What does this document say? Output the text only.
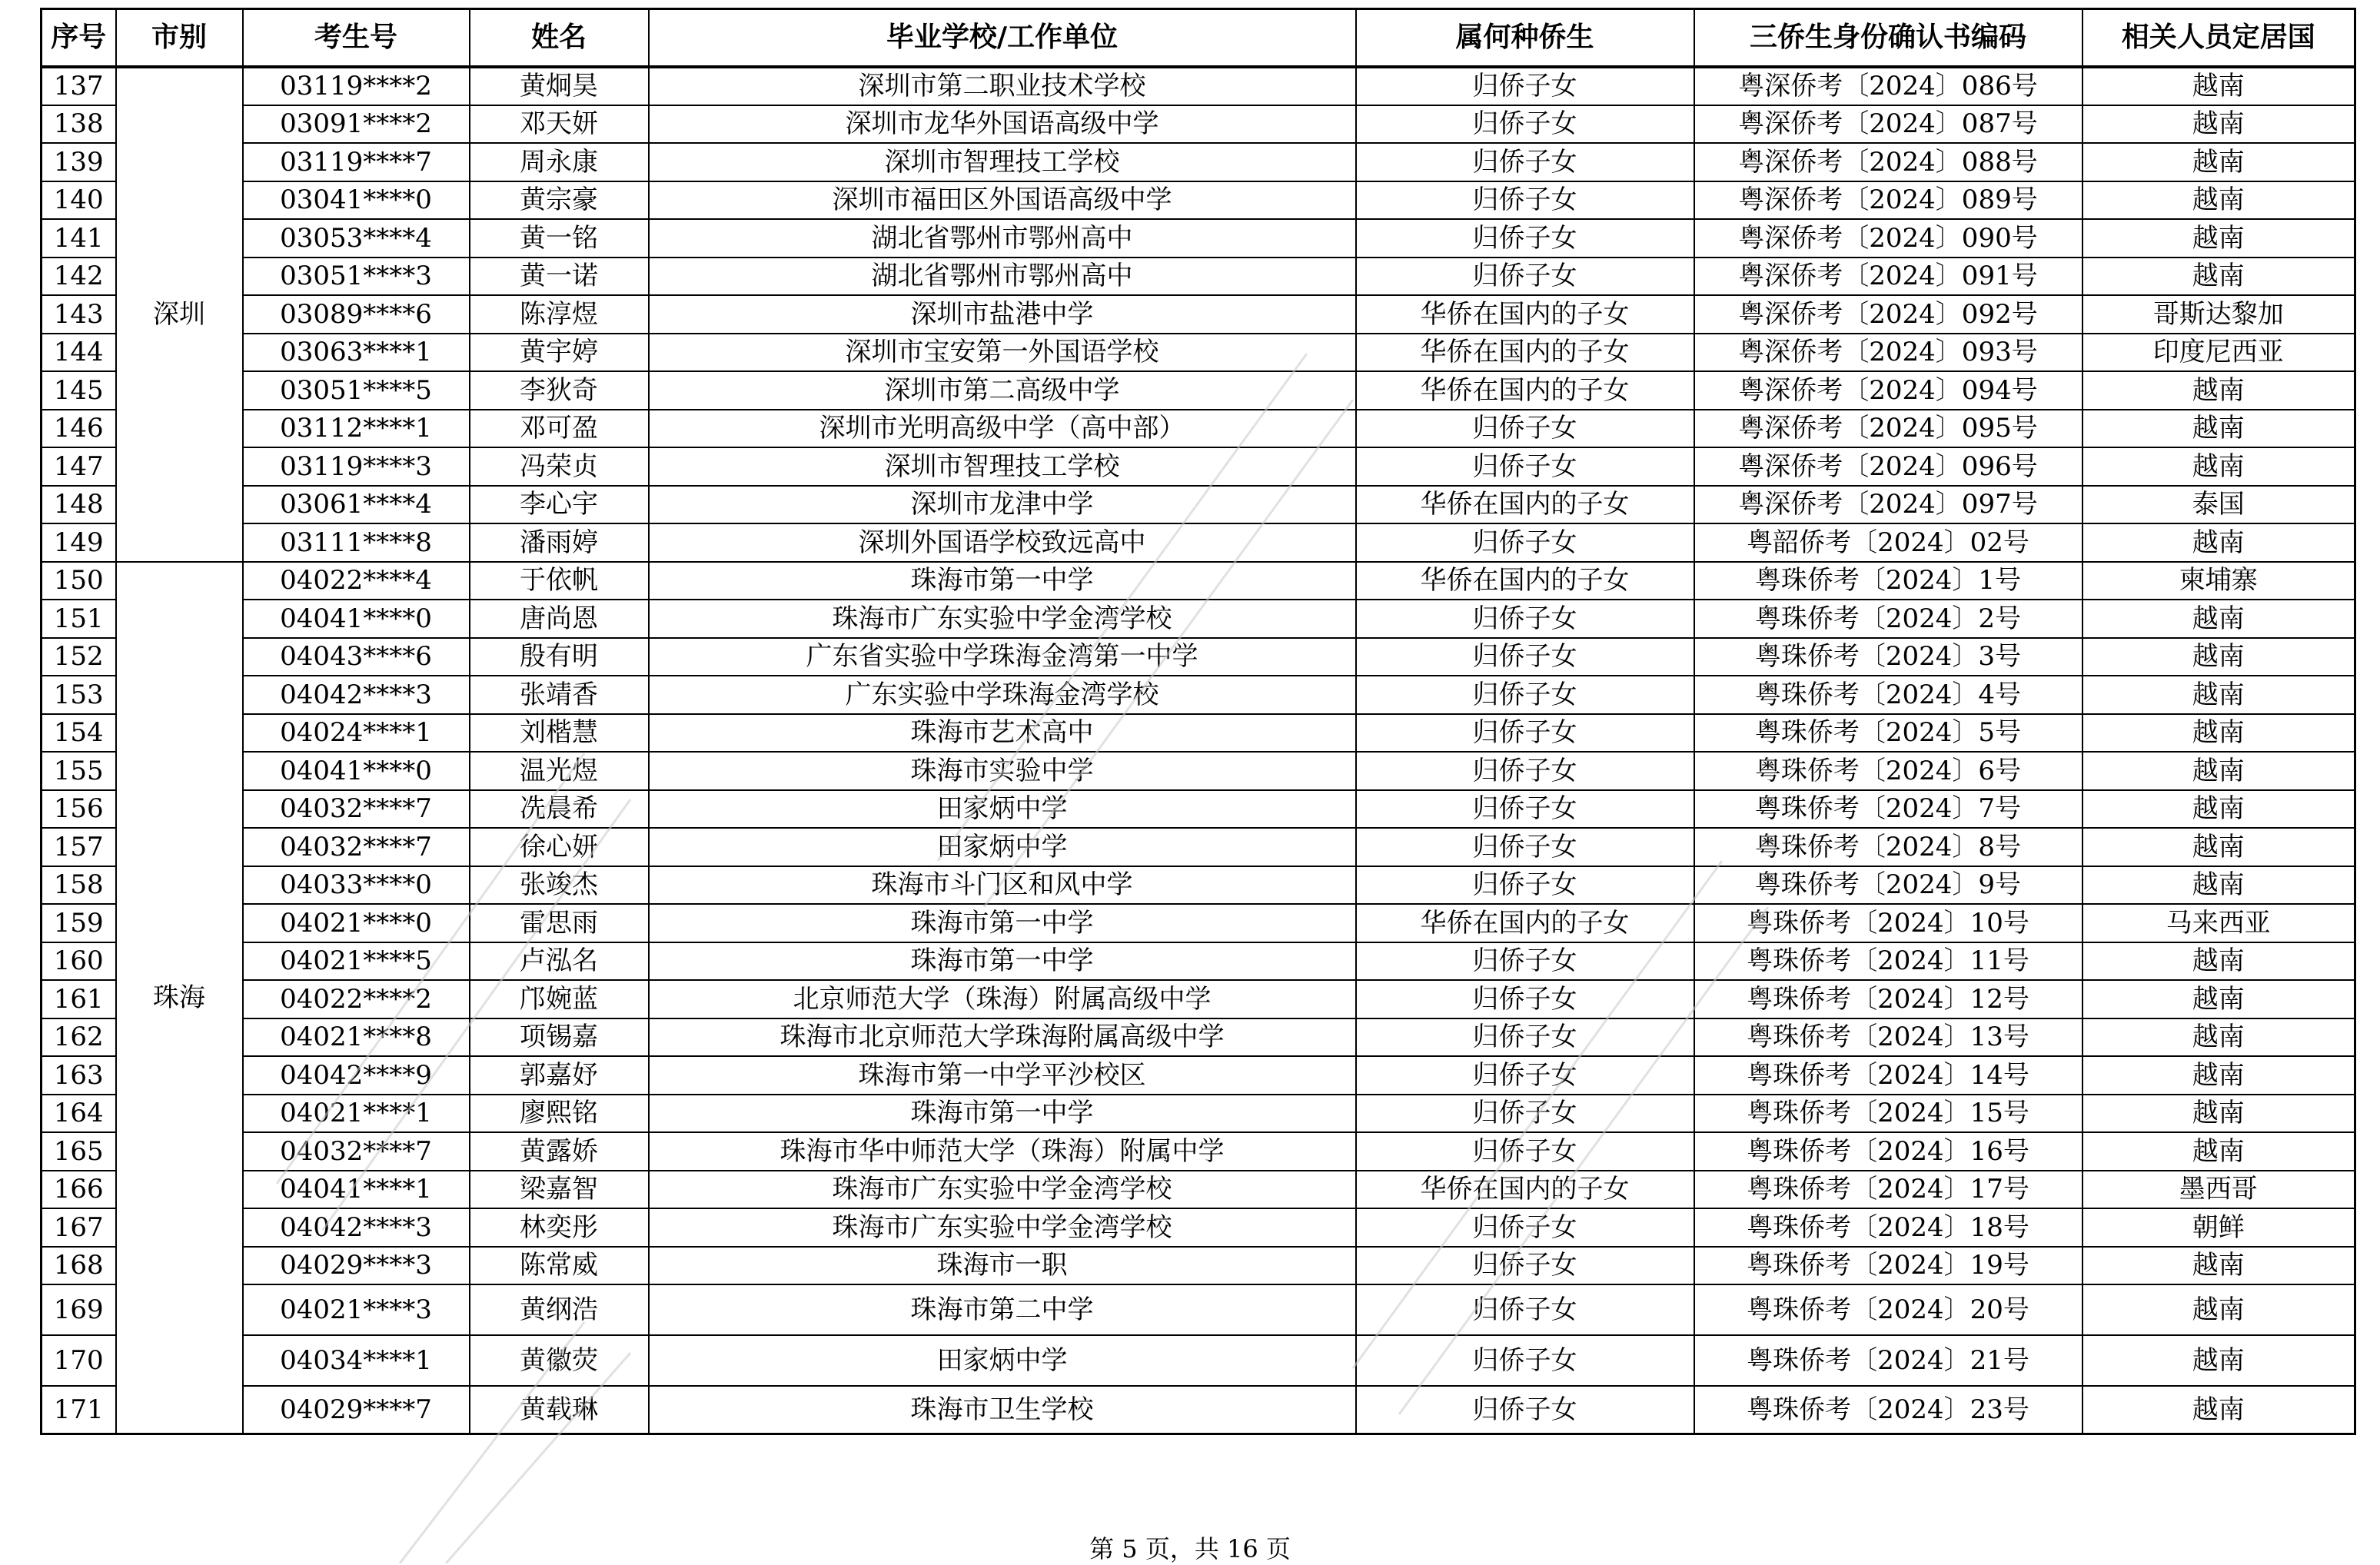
序号	市别	考生号	姓名	毕业学校/工作单位	属何种侨生	三侨生身份确认书编码	相关人员定居国
137	深圳	03119****2	黄炯昊	深圳市第二职业技术学校	归侨子女	粤深侨考〔2024〕086号	越南
138		03091****2	邓天妍	深圳市龙华外国语高级中学	归侨子女	粤深侨考〔2024〕087号	越南
139		03119****7	周永康	深圳市智理技工学校	归侨子女	粤深侨考〔2024〕088号	越南
140		03041****0	黄宗豪	深圳市福田区外国语高级中学	归侨子女	粤深侨考〔2024〕089号	越南
141		03053****4	黄一铭	湖北省鄂州市鄂州高中	归侨子女	粤深侨考〔2024〕090号	越南
142		03051****3	黄一诺	湖北省鄂州市鄂州高中	归侨子女	粤深侨考〔2024〕091号	越南
143		03089****6	陈淳煜	深圳市盐港中学	华侨在国内的子女	粤深侨考〔2024〕092号	哥斯达黎加
144		03063****1	黄宇婷	深圳市宝安第一外国语学校	华侨在国内的子女	粤深侨考〔2024〕093号	印度尼西亚
145		03051****5	李狄奇	深圳市第二高级中学	华侨在国内的子女	粤深侨考〔2024〕094号	越南
146		03112****1	邓可盈	深圳市光明高级中学（高中部）	归侨子女	粤深侨考〔2024〕095号	越南
147		03119****3	冯荣贞	深圳市智理技工学校	归侨子女	粤深侨考〔2024〕096号	越南
148		03061****4	李心宇	深圳市龙津中学	华侨在国内的子女	粤深侨考〔2024〕097号	泰国
149		03111****8	潘雨婷	深圳外国语学校致远高中	归侨子女	粤韶侨考〔2024〕02号	越南
150	珠海	04022****4	于依帆	珠海市第一中学	华侨在国内的子女	粤珠侨考〔2024〕1号	柬埔寨
151		04041****0	唐尚恩	珠海市广东实验中学金湾学校	归侨子女	粤珠侨考〔2024〕2号	越南
152		04043****6	殷有明	广东省实验中学珠海金湾第一中学	归侨子女	粤珠侨考〔2024〕3号	越南
153		04042****3	张靖香	广东实验中学珠海金湾学校	归侨子女	粤珠侨考〔2024〕4号	越南
154		04024****1	刘楷慧	珠海市艺术高中	归侨子女	粤珠侨考〔2024〕5号	越南
155		04041****0	温光煜	珠海市实验中学	归侨子女	粤珠侨考〔2024〕6号	越南
156		04032****7	冼晨希	田家炳中学	归侨子女	粤珠侨考〔2024〕7号	越南
157		04032****7	徐心妍	田家炳中学	归侨子女	粤珠侨考〔2024〕8号	越南
158		04033****0	张竣杰	珠海市斗门区和风中学	归侨子女	粤珠侨考〔2024〕9号	越南
159		04021****0	雷思雨	珠海市第一中学	华侨在国内的子女	粤珠侨考〔2024〕10号	马来西亚
160		04021****5	卢泓名	珠海市第一中学	归侨子女	粤珠侨考〔2024〕11号	越南
161		04022****2	邝婉蓝	北京师范大学（珠海）附属高级中学	归侨子女	粤珠侨考〔2024〕12号	越南
162		04021****8	项锡嘉	珠海市北京师范大学珠海附属高级中学	归侨子女	粤珠侨考〔2024〕13号	越南
163		04042****9	郭嘉妤	珠海市第一中学平沙校区	归侨子女	粤珠侨考〔2024〕14号	越南
164		04021****1	廖熙铭	珠海市第一中学	归侨子女	粤珠侨考〔2024〕15号	越南
165		04032****7	黄露娇	珠海市华中师范大学（珠海）附属中学	归侨子女	粤珠侨考〔2024〕16号	越南
166		04041****1	梁嘉智	珠海市广东实验中学金湾学校	华侨在国内的子女	粤珠侨考〔2024〕17号	墨西哥
167		04042****3	林奕彤	珠海市广东实验中学金湾学校	归侨子女	粤珠侨考〔2024〕18号	朝鲜
168		04029****3	陈常威	珠海市一职	归侨子女	粤珠侨考〔2024〕19号	越南
169		04021****3	黄纲浩	珠海市第二中学	归侨子女	粤珠侨考〔2024〕20号	越南
170		04034****1	黄徽荧	田家炳中学	归侨子女	粤珠侨考〔2024〕21号	越南
171		04029****7	黄载琳	珠海市卫生学校	归侨子女	粤珠侨考〔2024〕23号	越南
第 5 页，共 16 页
